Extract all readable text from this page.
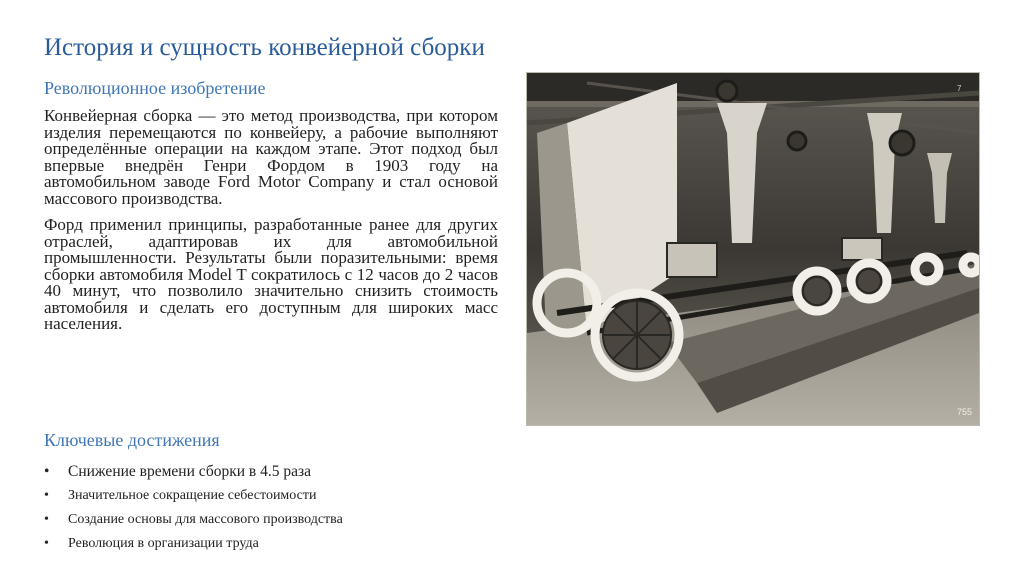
История и сущность конвейерной сборки
Революционное изобретение

Конвейерная сборка — это метод производства, при котором изделия перемещаются по конвейеру, а рабочие выполняют определённые операции на каждом этапе. Этот подход был впервые внедрён Генри Фордом в 1903 году на автомобильном заводе Ford Motor Company и стал основой массового производства.

Форд применил принципы, разработанные ранее для других отраслей, адаптировав их для автомобильной промышленности. Результаты были поразительными: время сборки автомобиля Model T сократилось с 12 часов до 2 часов 40 минут, что позволило значительно снизить стоимость автомобиля и сделать его доступным для широких масс населения.

Ключевые достижения
• Снижение времени сборки в 4.5 раза
• Значительное сокращение себестоимости
• Создание основы для массового производства
• Революция в организации труда
755
7
